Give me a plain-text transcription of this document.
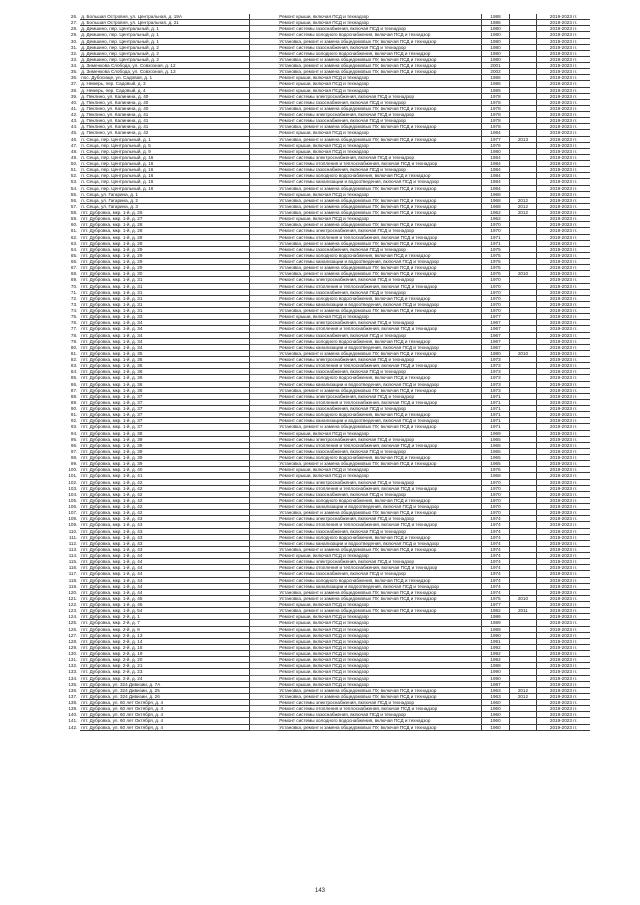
26.	д. Большая Островня, ул. Центральная, д. 19А		Ремонт крыши, включая ПСД и технадзор	1988		2019-2023 гг.
27.	д. Большая Островня, ул. Центральная, д. 21		Ремонт крыши, включая ПСД и технадзор	1986		2019-2023 гг.
28.	д. Демшино, пер. Центральный, д. 1		Ремонт системы газоснабжения, включая ПСД и технадзор	1980		2019-2023 гг.
29.	д. Демшино, пер. Центральный, д. 1		Ремонт системы холодного водоснабжения, включая ПСД и технадзор	1980		2019-2023 гг.
30.	д. Демшино, пер. Центральный, д. 1		Установка, ремонт и замена общедомовых ПУ, включая ПСД и технадзор	1980		2019-2023 гг.
31.	д. Демшино, пер. Центральный, д. 2		Ремонт системы газоснабжения, включая ПСД и технадзор	1980		2019-2023 гг.
32.	д. Демшино, пер. Центральный, д. 2		Ремонт системы холодного водоснабжения, включая ПСД и технадзор	1980		2019-2023 гг.
33.	д. Демшино, пер. Центральный, д. 2		Установка, ремонт и замена общедомовых ПУ, включая ПСД и технадзор	1980		2019-2023 гг.
34.	д. Зименкова Слобода, ул. Совхозная, д. 12		Установка, ремонт и замена общедомовых ПУ, включая ПСД и технадзор	2001		2019-2023 гг.
35.	д. Зименкова Слобода, ул. Совхозная, д. 13		Установка, ремонт и замена общедомовых ПУ, включая ПСД и технадзор	2002		2019-2023 гг.
36.	пос. Дубосище, ул. Садовая, д. 1		Ремонт крыши, включая ПСД и технадзор	1986		2019-2023 гг.
37.	д. Немерь, пер. Садовый, д. 3		Ремонт крыши, включая ПСД и технадзор	1986		2019-2023 гг.
38.	д. Немерь, пер. Садовый, д. 4		Ремонт крыши, включая ПСД и технадзор	1985		2019-2023 гг.
39.	д. Пеклино, ул. Калинина, д. 40		Ремонт системы электроснабжения, включая ПСД и технадзор	1978		2019-2023 гг.
40.	д. Пеклино, ул. Калинина, д. 40		Ремонт системы газоснабжения, включая ПСД и технадзор	1978		2019-2023 гг.
41.	д. Пеклино, ул. Калинина, д. 40		Установка, ремонт и замена общедомовых ПУ, включая ПСД и технадзор	1978		2019-2023 гг.
42.	д. Пеклино, ул. Калинина, д. 41		Ремонт системы электроснабжения, включая ПСД и технадзор	1978		2019-2023 гг.
43.	д. Пеклино, ул. Калинина, д. 41		Ремонт системы газоснабжения, включая ПСД и технадзор	1978		2019-2023 гг.
44.	д. Пеклино, ул. Калинина, д. 41		Установка, ремонт и замена общедомовых ПУ, включая ПСД и технадзор	1978		2019-2023 гг.
45.	д. Пеклино, ул. Калинина, д. 42		Ремонт крыши, включая ПСД и технадзор	1984		2019-2023 гг.
46.	п. Сеща, пер. Центральный, д. 1		Установка, ремонт и замена общедомовых ПУ, включая ПСД и технадзор	1977	2013	2019-2023 гг.
47.	п. Сеща, пер. Центральный, д. 5		Ремонт крыши, включая ПСД и технадзор	1976		2019-2023 гг.
48.	п. Сеща, пер. Центральный, д. 9		Ремонт крыши, включая ПСД и технадзор	1980		2019-2023 гг.
49.	п. Сеща, пер. Центральный, д. 16		Ремонт системы электроснабжения, включая ПСД и технадзор	1984		2019-2023 гг.
50.	п. Сеща, пер. Центральный, д. 16		Ремонт системы отопления и теплоснабжения, включая ПСД и технадзор	1984		2019-2023 гг.
51.	п. Сеща, пер. Центральный, д. 16		Ремонт системы газоснабжения, включая ПСД и технадзор	1984		2019-2023 гг.
52.	п. Сеща, пер. Центральный, д. 16		Ремонт системы холодного водоснабжения, включая ПСД и технадзор	1984		2019-2023 гг.
53.	п. Сеща, пер. Центральный, д. 16		Ремонт системы канализации и водоотведения, включая ПСД и технадзор	1984		2019-2023 гг.
54.	п. Сеща, пер. Центральный, д. 16		Установка, ремонт и замена общедомовых ПУ, включая ПСД и технадзор	1984		2019-2023 гг.
55.	п. Сеща, ул. Гагарина, д. 1		Ремонт крыши, включая ПСД и технадзор	1966		2019-2023 гг.
56.	п. Сеща, ул. Гагарина, д. 2		Установка, ремонт и замена общедомовых ПУ, включая ПСД и технадзор	1968	2012	2019-2023 гг.
57.	п. Сеща, ул. Гагарина, д. 3		Установка, ремонт и замена общедомовых ПУ, включая ПСД и технадзор	1968	2012	2019-2023 гг.
58.	пгт. Дубровка, мкр. 1-й, д. 26		Установка, ремонт и замена общедомовых ПУ, включая ПСД и технадзор	1962	2012	2019-2023 гг.
59.	пгт. Дубровка, мкр. 1-й, д. 27		Ремонт крыши, включая ПСД и технадзор	1962		2019-2023 гг.
60.	пгт. Дубровка, мкр. 1-й, д. 28		Установка, ремонт и замена общедомовых ПУ, включая ПСД и технадзор	1970		2019-2023 гг.
61.	пгт. Дубровка, мкр. 1-й, д. 28		Ремонт системы электроснабжения, включая ПСД и технадзор	1970		2019-2023 гг.
62.	пгт. Дубровка, мкр. 1-й, д. 28		Ремонт системы отопления и теплоснабжения, включая ПСД и технадзор	1971		2019-2023 гг.
63.	пгт. Дубровка, мкр. 1-й, д. 28		Установка, ремонт и замена общедомовых ПУ, включая ПСД и технадзор	1971		2019-2023 гг.
64.	пгт. Дубровка, мкр. 1-й, д. 29		Ремонт системы газоснабжения, включая ПСД и технадзор	1975		2019-2023 гг.
65.	пгт. Дубровка, мкр. 1-й, д. 29		Ремонт системы холодного водоснабжения, включая ПСД и технадзор	1975		2019-2023 гг.
66.	пгт. Дубровка, мкр. 1-й, д. 29		Ремонт системы канализации и водоотведения, включая ПСД и технадзор	1975		2019-2023 гг.
67.	пгт. Дубровка, мкр. 1-й, д. 29		Установка, ремонт и замена общедомовых ПУ, включая ПСД и технадзор	1975		2019-2023 гг.
68.	пгт. Дубровка, мкр. 1-й, д. 30		Установка, ремонт и замена общедомовых ПУ, включая ПСД и технадзор	1976	2010	2019-2023 гг.
69.	пгт. Дубровка, мкр. 1-й, д. 31		Ремонт системы электроснабжения, включая ПСД и технадзор	1970		2019-2023 гг.
70.	пгт. Дубровка, мкр. 1-й, д. 31		Ремонт системы отопления и теплоснабжения, включая ПСД и технадзор	1970		2019-2023 гг.
71.	пгт. Дубровка, мкр. 1-й, д. 31		Ремонт системы газоснабжения, включая ПСД и технадзор	1970		2019-2023 гг.
72.	пгт. Дубровка, мкр. 1-й, д. 31		Ремонт системы холодного водоснабжения, включая ПСД и технадзор	1970		2019-2023 гг.
73.	пгт. Дубровка, мкр. 1-й, д. 31		Ремонт системы канализации и водоотведения, включая ПСД и технадзор	1970		2019-2023 гг.
74.	пгт. Дубровка, мкр. 1-й, д. 31		Установка, ремонт и замена общедомовых ПУ, включая ПСД и технадзор	1970		2019-2023 гг.
75.	пгт. Дубровка, мкр. 1-й, д. 33		Ремонт крыши, включая ПСД и технадзор	1977		2019-2023 гг.
76.	пгт. Дубровка, мкр. 1-й, д. 34		Ремонт системы электроснабжения, включая ПСД и технадзор	1967		2019-2023 гг.
77.	пгт. Дубровка, мкр. 1-й, д. 34		Ремонт системы отопления и теплоснабжения, включая ПСД и технадзор	1967		2019-2023 гг.
78.	пгт. Дубровка, мкр. 1-й, д. 34		Ремонт системы газоснабжения, включая ПСД и технадзор	1967		2019-2023 гг.
79.	пгт. Дубровка, мкр. 1-й, д. 34		Ремонт системы холодного водоснабжения, включая ПСД и технадзор	1967		2019-2023 гг.
80.	пгт. Дубровка, мкр. 1-й, д. 34		Ремонт системы канализации и водоотведения, включая ПСД и технадзор	1967		2019-2023 гг.
81.	пгт. Дубровка, мкр. 1-й, д. 35		Установка, ремонт и замена общедомовых ПУ, включая ПСД и технадзор	1980	2010	2019-2023 гг.
82.	пгт. Дубровка, мкр. 1-й, д. 36		Ремонт системы электроснабжения, включая ПСД и технадзор	1973		2019-2023 гг.
83.	пгт. Дубровка, мкр. 1-й, д. 36		Ремонт системы отопления и теплоснабжения, включая ПСД и технадзор	1973		2019-2023 гг.
84.	пгт. Дубровка, мкр. 1-й, д. 36		Ремонт системы газоснабжения, включая ПСД и технадзор	1973		2019-2023 гг.
85.	пгт. Дубровка, мкр. 1-й, д. 36		Ремонт системы холодного водоснабжения, включая ПСД и технадзор	1973		2019-2023 гг.
86.	пгт. Дубровка, мкр. 1-й, д. 36		Ремонт системы канализации и водоотведения, включая ПСД и технадзор	1973		2019-2023 гг.
87.	пгт. Дубровка, мкр. 1-й, д. 36		Установка, ремонт и замена общедомовых ПУ, включая ПСД и технадзор	1973		2019-2023 гг.
88.	пгт. Дубровка, мкр. 1-й, д. 37		Ремонт системы электроснабжения, включая ПСД и технадзор	1971		2019-2023 гг.
89.	пгт. Дубровка, мкр. 1-й, д. 37		Ремонт системы отопления и теплоснабжения, включая ПСД и технадзор	1971		2019-2023 гг.
90.	пгт. Дубровка, мкр. 1-й, д. 37		Ремонт системы газоснабжения, включая ПСД и технадзор	1971		2019-2023 гг.
91.	пгт. Дубровка, мкр. 1-й, д. 37		Ремонт системы холодного водоснабжения, включая ПСД и технадзор	1971		2019-2023 гг.
92.	пгт. Дубровка, мкр. 1-й, д. 37		Ремонт системы канализации и водоотведения, включая ПСД и технадзор	1971		2019-2023 гг.
93.	пгт. Дубровка, мкр. 1-й, д. 37		Установка, ремонт и замена общедомовых ПУ, включая ПСД и технадзор	1971		2019-2023 гг.
94.	пгт. Дубровка, мкр. 1-й, д. 38		Ремонт крыши, включая ПСД и технадзор	1969		2019-2023 гг.
95.	пгт. Дубровка, мкр. 1-й, д. 39		Ремонт системы электроснабжения, включая ПСД и технадзор	1965		2019-2023 гг.
96.	пгт. Дубровка, мкр. 1-й, д. 39		Ремонт системы отопления и теплоснабжения, включая ПСД и технадзор	1965		2019-2023 гг.
97.	пгт. Дубровка, мкр. 1-й, д. 39		Ремонт системы газоснабжения, включая ПСД и технадзор	1965		2019-2023 гг.
98.	пгт. Дубровка, мкр. 1-й, д. 39		Ремонт системы холодного водоснабжения, включая ПСД и технадзор	1965		2019-2023 гг.
99.	пгт. Дубровка, мкр. 1-й, д. 39		Установка, ремонт и замена общедомовых ПУ, включая ПСД и технадзор	1965		2019-2023 гг.
100.	пгт. Дубровка, мкр. 1-й, д. 40		Ремонт крыши, включая ПСД и технадзор	1976		2019-2023 гг.
101.	пгт. Дубровка, мкр. 1-й, д. 41		Ремонт крыши, включая ПСД и технадзор	1968		2019-2023 гг.
102.	пгт. Дубровка, мкр. 1-й, д. 42		Ремонт системы электроснабжения, включая ПСД и технадзор	1970		2019-2023 гг.
103.	пгт. Дубровка, мкр. 1-й, д. 42		Ремонт системы отопления и теплоснабжения, включая ПСД и технадзор	1970		2019-2023 гг.
104.	пгт. Дубровка, мкр. 1-й, д. 42		Ремонт системы газоснабжения, включая ПСД и технадзор	1970		2019-2023 гг.
105.	пгт. Дубровка, мкр. 1-й, д. 42		Ремонт системы холодного водоснабжения, включая ПСД и технадзор	1970		2019-2023 гг.
106.	пгт. Дубровка, мкр. 1-й, д. 42		Ремонт системы канализации и водоотведения, включая ПСД и технадзор	1970		2019-2023 гг.
107.	пгт. Дубровка, мкр. 1-й, д. 42		Установка, ремонт и замена общедомовых ПУ, включая ПСД и технадзор	1970		2019-2023 гг.
108.	пгт. Дубровка, мкр. 1-й, д. 43		Ремонт системы электроснабжения, включая ПСД и технадзор	1974		2019-2023 гг.
109.	пгт. Дубровка, мкр. 1-й, д. 43		Ремонт системы отопления и теплоснабжения, включая ПСД и технадзор	1974		2019-2023 гг.
110.	пгт. Дубровка, мкр. 1-й, д. 43		Ремонт системы газоснабжения, включая ПСД и технадзор	1974		2019-2023 гг.
111.	пгт. Дубровка, мкр. 1-й, д. 43		Ремонт системы холодного водоснабжения, включая ПСД и технадзор	1974		2019-2023 гг.
112.	пгт. Дубровка, мкр. 1-й, д. 43		Ремонт системы канализации и водоотведения, включая ПСД и технадзор	1974		2019-2023 гг.
113.	пгт. Дубровка, мкр. 1-й, д. 43		Установка, ремонт и замена общедомовых ПУ, включая ПСД и технадзор	1974		2019-2023 гг.
114.	пгт. Дубровка, мкр. 1-й, д. 44		Ремонт крыши, включая ПСД и технадзор	1974		2019-2023 гг.
115.	пгт. Дубровка, мкр. 1-й, д. 44		Ремонт системы электроснабжения, включая ПСД и технадзор	1974		2019-2023 гг.
116.	пгт. Дубровка, мкр. 1-й, д. 44		Ремонт системы отопления и теплоснабжения, включая ПСД и технадзор	1974		2019-2023 гг.
117.	пгт. Дубровка, мкр. 1-й, д. 44		Ремонт системы газоснабжения, включая ПСД и технадзор	1974		2019-2023 гг.
118.	пгт. Дубровка, мкр. 1-й, д. 44		Ремонт системы холодного водоснабжения, включая ПСД и технадзор	1974		2019-2023 гг.
119.	пгт. Дубровка, мкр. 1-й, д. 44		Ремонт системы канализации и водоотведения, включая ПСД и технадзор	1974		2019-2023 гг.
120.	пгт. Дубровка, мкр. 1-й, д. 44		Установка, ремонт и замена общедомовых ПУ, включая ПСД и технадзор	1974		2019-2023 гг.
121.	пгт. Дубровка, мкр. 1-й, д. 45		Установка, ремонт и замена общедомовых ПУ, включая ПСД и технадзор	1975	2010	2019-2023 гг.
122.	пгт. Дубровка, мкр. 1-й, д. 46		Ремонт крыши, включая ПСД и технадзор	1977		2019-2023 гг.
123.	пгт. Дубровка, мкр. 1-й, д. 54		Установка, ремонт и замена общедомовых ПУ, включая ПСД и технадзор	1982	2011	2019-2023 гг.
124.	пгт. Дубровка, мкр. 2-й, д. 1		Ремонт крыши, включая ПСД и технадзор	1986		2019-2023 гг.
125.	пгт. Дубровка, мкр. 2-й, д. 7		Ремонт крыши, включая ПСД и технадзор	1989		2019-2023 гг.
126.	пгт. Дубровка, мкр. 2-й, д. 8		Ремонт крыши, включая ПСД и технадзор	1989		2019-2023 гг.
127.	пгт. Дубровка, мкр. 2-й, д. 13		Ремонт крыши, включая ПСД и технадзор	1990		2019-2023 гг.
128.	пгт. Дубровка, мкр. 2-й, д. 14		Ремонт крыши, включая ПСД и технадзор	1991		2019-2023 гг.
129.	пгт. Дубровка, мкр. 2-й, д. 15		Ремонт крыши, включая ПСД и технадзор	1992		2019-2023 гг.
130.	пгт. Дубровка, мкр. 2-й, д. 19		Ремонт крыши, включая ПСД и технадзор	1992		2019-2023 гг.
131.	пгт. Дубровка, мкр. 2-й, д. 20		Ремонт крыши, включая ПСД и технадзор	1992		2019-2023 гг.
132.	пгт. Дубровка, мкр. 2-й, д. 21		Ремонт крыши, включая ПСД и технадзор	1988		2019-2023 гг.
133.	пгт. Дубровка, мкр. 2-й, д. 23		Ремонт крыши, включая ПСД и технадзор	1990		2019-2023 гг.
134.	пгт. Дубровка, мкр. 2-й, д. 24		Ремонт крыши, включая ПСД и технадзор	1990		2019-2023 гг.
135.	пгт. Дубровка, ул. 324 Дивизии, д. 7А		Ремонт крыши, включая ПСД и технадзор	1987		2019-2023 гг.
136.	пгт. Дубровка, ул. 324 Дивизии, д. 25		Установка, ремонт и замена общедомовых ПУ, включая ПСД и технадзор	1963	2012	2019-2023 гг.
137.	пгт. Дубровка, ул. 324 Дивизии, д. 26		Установка, ремонт и замена общедомовых ПУ, включая ПСД и технадзор	1963	2012	2019-2023 гг.
138.	пгт. Дубровка, ул. 60 лет Октября, д. 4		Ремонт системы электроснабжения, включая ПСД и технадзор	1960		2019-2023 гг.
139.	пгт. Дубровка, ул. 60 лет Октября, д. 4		Ремонт системы отопления и теплоснабжения, включая ПСД и технадзор	1960		2019-2023 гг.
140.	пгт. Дубровка, ул. 60 лет Октября, д. 4		Ремонт системы газоснабжения, включая ПСД и технадзор	1960		2019-2023 гг.
141.	пгт. Дубровка, ул. 60 лет Октября, д. 4		Ремонт системы холодного водоснабжения, включая ПСД и технадзор	1960		2019-2023 гг.
142.	пгт. Дубровка, ул. 60 лет Октября, д. 4		Установка, ремонт и замена общедомовых ПУ, включая ПСД и технадзор	1960		2019-2023 гг.
143
